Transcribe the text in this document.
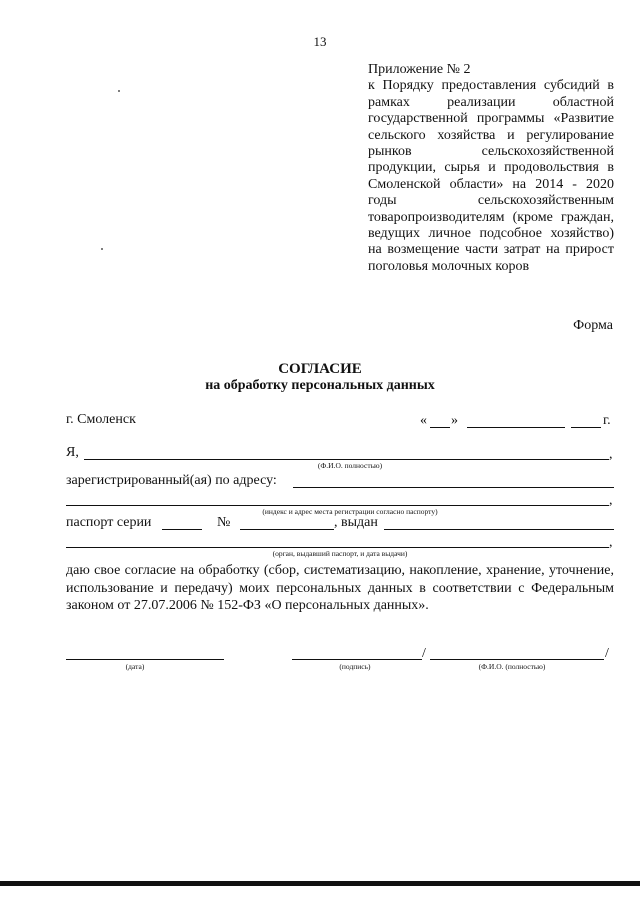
13
Приложение № 2
к Порядку предоставления субсидий в рамках реализации областной государственной программы «Развитие сельского хозяйства и регулирование рынков сельскохозяйственной продукции, сырья и продовольствия в Смоленской области» на 2014 - 2020 годы сельскохозяйственным товаропроизводителям (кроме граждан, ведущих личное подсобное хозяйство) на возмещение части затрат на прирост поголовья молочных коров
Форма
СОГЛАСИЕ
на обработку персональных данных
г. Смоленск	« »	г.
Я,	,
(Ф.И.О. полностью)
зарегистрированный(ая) по адресу:
,
(индекс и адрес места регистрации согласно паспорту)
паспорт серии	№	, выдан
,
(орган, выдавший паспорт, и дата выдачи)
даю свое согласие на обработку (сбор, систематизацию, накопление, хранение, уточнение, использование и передачу) моих персональных данных в соответствии с Федеральным законом от 27.07.2006 № 152-ФЗ «О персональных данных».
(дата)
/
(подпись)
/
(Ф.И.О. (полностью)
